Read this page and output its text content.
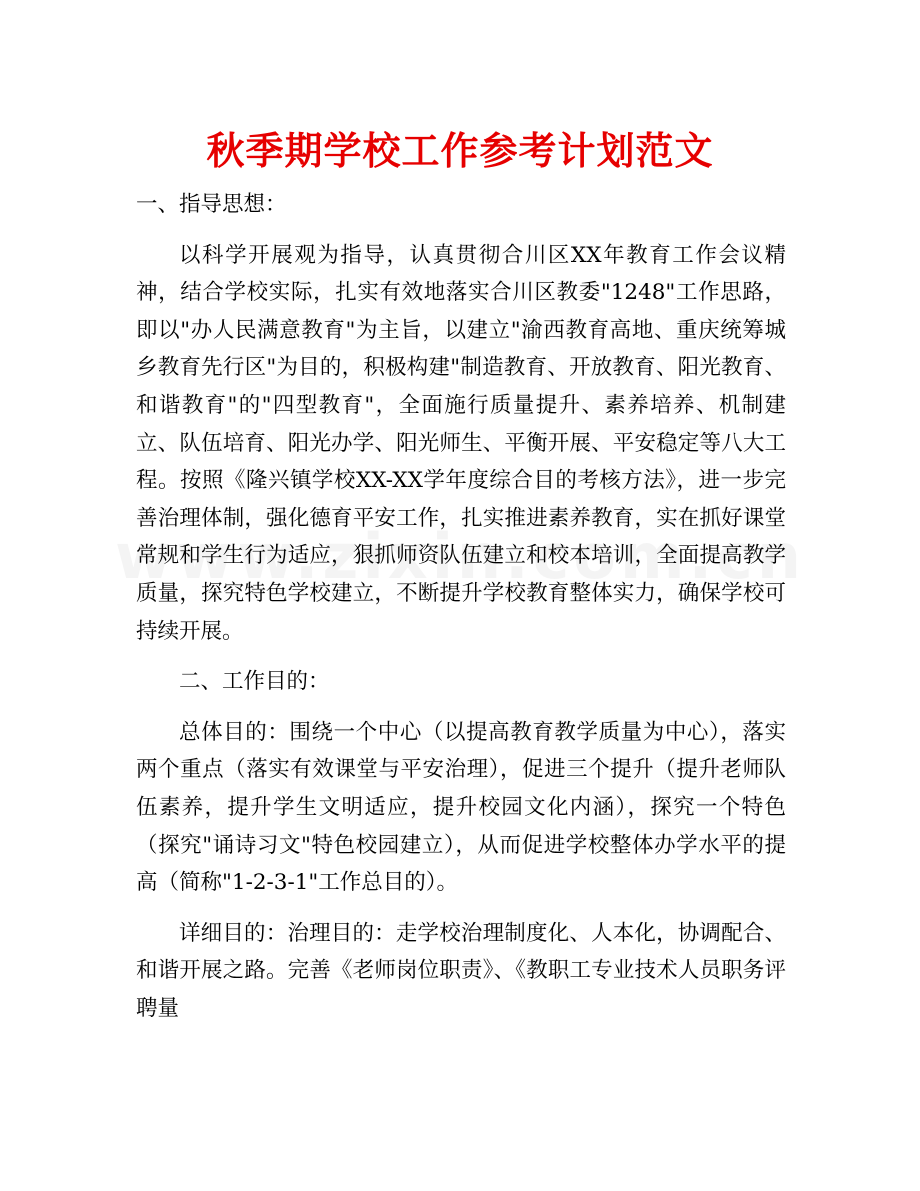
秋季期学校工作参考计划范文

一、指导思想：

以科学开展观为指导，认真贯彻合川区XX年教育工作会议精神，结合学校实际，扎实有效地落实合川区教委"1248"工作思路，即以"办人民满意教育"为主旨，以建立"渝西教育高地、重庆统筹城乡教育先行区"为目的，积极构建"制造教育、开放教育、阳光教育、和谐教育"的"四型教育"，全面施行质量提升、素养培养、机制建立、队伍培育、阳光办学、阳光师生、平衡开展、平安稳定等八大工程。按照《隆兴镇学校XX-XX学年度综合目的考核方法》，进一步完善治理体制，强化德育平安工作，扎实推进素养教育，实在抓好课堂常规和学生行为适应，狠抓师资队伍建立和校本培训，全面提高教学质量，探究特色学校建立，不断提升学校教育整体实力，确保学校可持续开展。

二、工作目的：

总体目的：围绕一个中心（以提高教育教学质量为中心），落实两个重点（落实有效课堂与平安治理），促进三个提升（提升老师队伍素养，提升学生文明适应，提升校园文化内涵），探究一个特色（探究"诵诗习文"特色校园建立），从而促进学校整体办学水平的提高（简称"1-2-3-1"工作总目的）。

详细目的：治理目的：走学校治理制度化、人本化，协调配合、和谐开展之路。完善《老师岗位职责》、《教职工专业技术人员职务评聘量
